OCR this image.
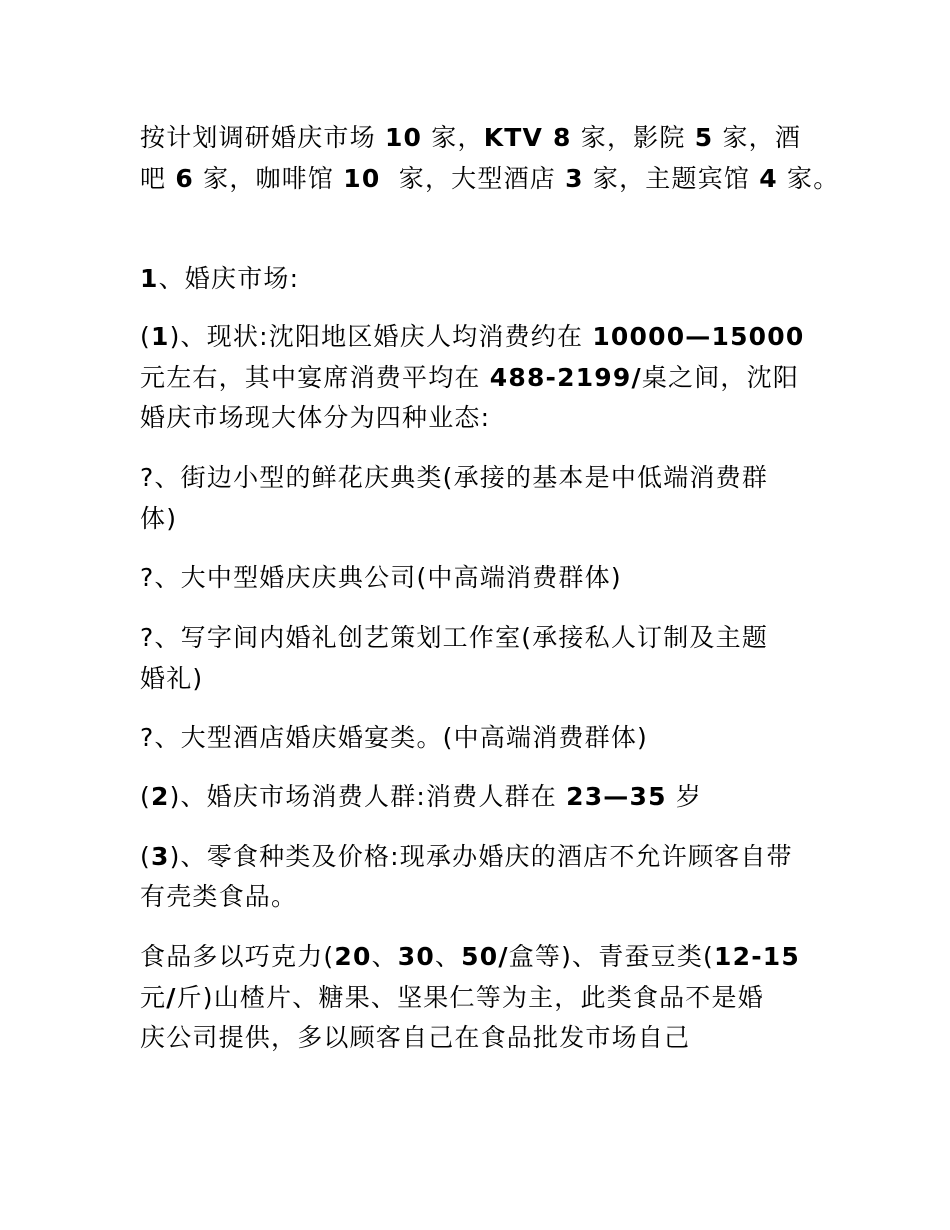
按计划调研婚庆市场 10 家，KTV 8 家，影院 5 家，酒
吧 6 家，咖啡馆 10  家，大型酒店 3 家，主题宾馆 4 家。
1、婚庆市场:
(1)、现状:沈阳地区婚庆人均消费约在 10000—15000
元左右，其中宴席消费平均在 488-2199/桌之间，沈阳
婚庆市场现大体分为四种业态:
?、街边小型的鲜花庆典类(承接的基本是中低端消费群
体)
?、大中型婚庆庆典公司(中高端消费群体)
?、写字间内婚礼创艺策划工作室(承接私人订制及主题
婚礼)
?、大型酒店婚庆婚宴类。(中高端消费群体)
(2)、婚庆市场消费人群:消费人群在 23—35 岁
(3)、零食种类及价格:现承办婚庆的酒店不允许顾客自带
有壳类食品。
食品多以巧克力(20、30、50/盒等)、青蚕豆类(12-15
元/斤)山楂片、糖果、坚果仁等为主，此类食品不是婚
庆公司提供，多以顾客自己在食品批发市场自己
